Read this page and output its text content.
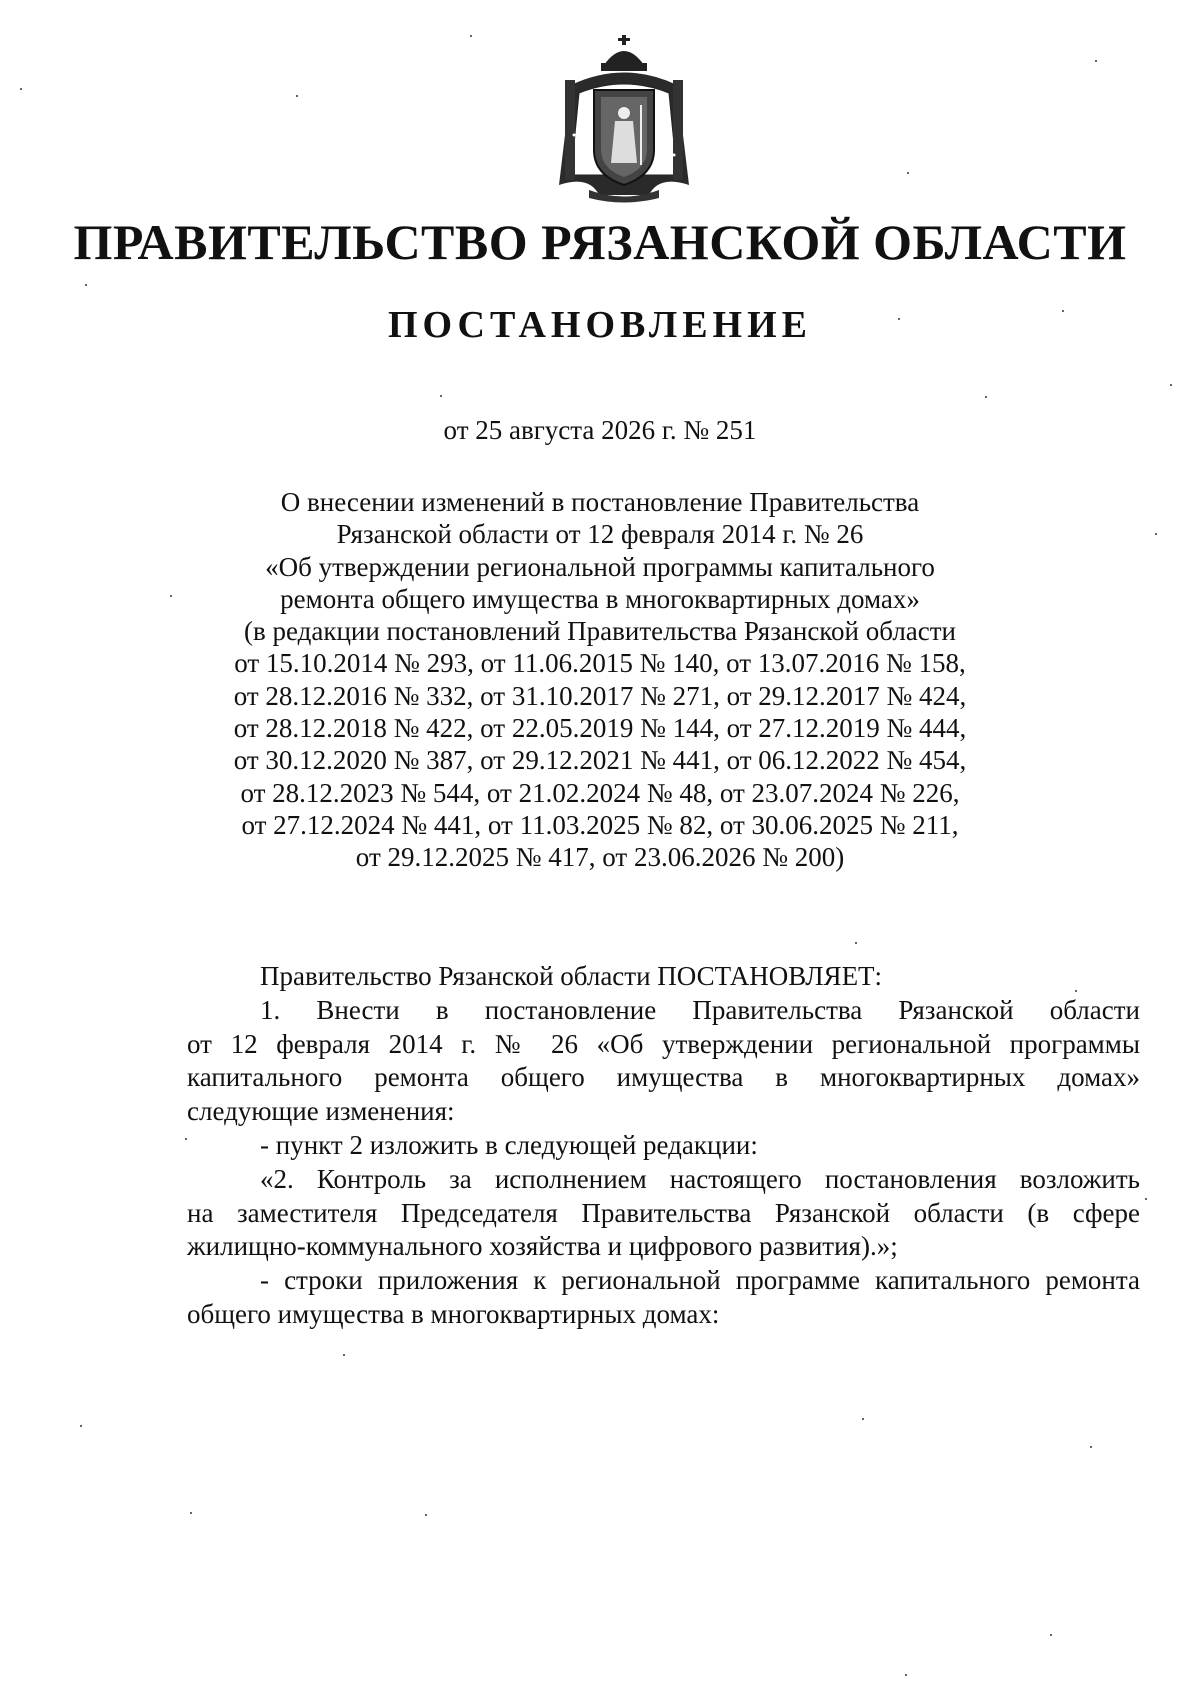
ПРАВИТЕЛЬСТВО РЯЗАНСКОЙ ОБЛАСТИ
ПОСТАНОВЛЕНИЕ

от 25 августа 2026 г. № 251

О внесении изменений в постановление Правительства
Рязанской области от 12 февраля 2014 г. № 26
«Об утверждении региональной программы капитального
ремонта общего имущества в многоквартирных домах»
(в редакции постановлений Правительства Рязанской области
от 15.10.2014 № 293, от 11.06.2015 № 140, от 13.07.2016 № 158,
от 28.12.2016 № 332, от 31.10.2017 № 271, от 29.12.2017 № 424,
от 28.12.2018 № 422, от 22.05.2019 № 144, от 27.12.2019 № 444,
от 30.12.2020 № 387, от 29.12.2021 № 441, от 06.12.2022 № 454,
от 28.12.2023 № 544, от 21.02.2024 № 48, от 23.07.2024 № 226,
от 27.12.2024 № 441, от 11.03.2025 № 82, от 30.06.2025 № 211,
от 29.12.2025 № 417, от 23.06.2026 № 200)

Правительство Рязанской области ПОСТАНОВЛЯЕТ:

1. Внести в постановление Правительства Рязанской области

от 12 февраля 2014 г. № 26 «Об утверждении региональной программы

капитального ремонта общего имущества в многоквартирных домах»

следующие изменения:

- пункт 2 изложить в следующей редакции:

«2. Контроль за исполнением настоящего постановления возложить

на заместителя Председателя Правительства Рязанской области (в сфере

жилищно-коммунального хозяйства и цифрового развития).»;

- строки приложения к региональной программе капитального ремонта

общего имущества в многоквартирных домах:
